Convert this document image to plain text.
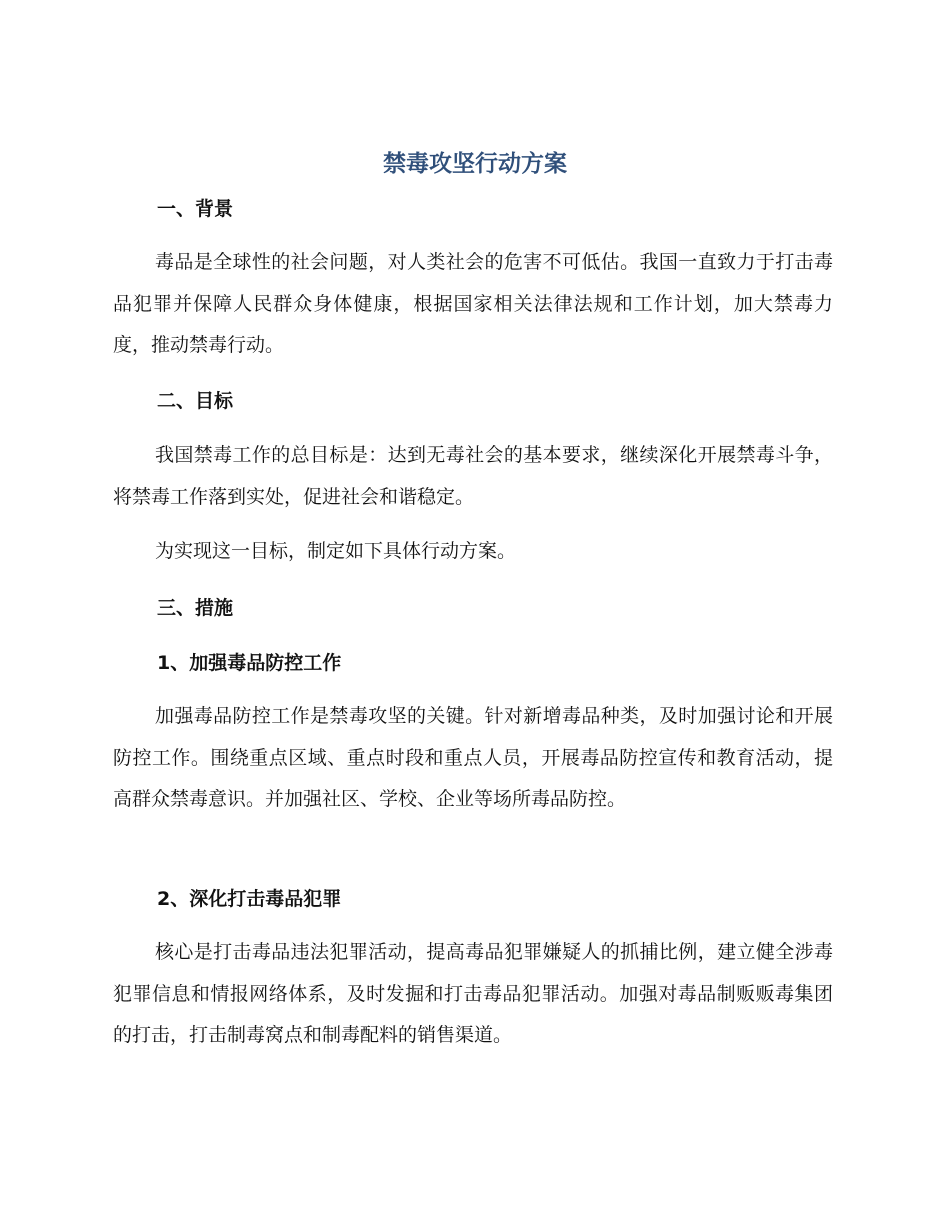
禁毒攻坚行动方案
一、背景

毒品是全球性的社会问题，对人类社会的危害不可低估。我国一直致力于打击毒品犯罪并保障人民群众身体健康，根据国家相关法律法规和工作计划，加大禁毒力度，推动禁毒行动。

二、目标

我国禁毒工作的总目标是：达到无毒社会的基本要求，继续深化开展禁毒斗争，将禁毒工作落到实处，促进社会和谐稳定。

为实现这一目标，制定如下具体行动方案。

三、措施
1、加强毒品防控工作

加强毒品防控工作是禁毒攻坚的关键。针对新增毒品种类，及时加强讨论和开展防控工作。围绕重点区域、重点时段和重点人员，开展毒品防控宣传和教育活动，提高群众禁毒意识。并加强社区、学校、企业等场所毒品防控。

2、深化打击毒品犯罪

核心是打击毒品违法犯罪活动，提高毒品犯罪嫌疑人的抓捕比例，建立健全涉毒犯罪信息和情报网络体系，及时发掘和打击毒品犯罪活动。加强对毒品制贩贩毒集团的打击，打击制毒窝点和制毒配料的销售渠道。
